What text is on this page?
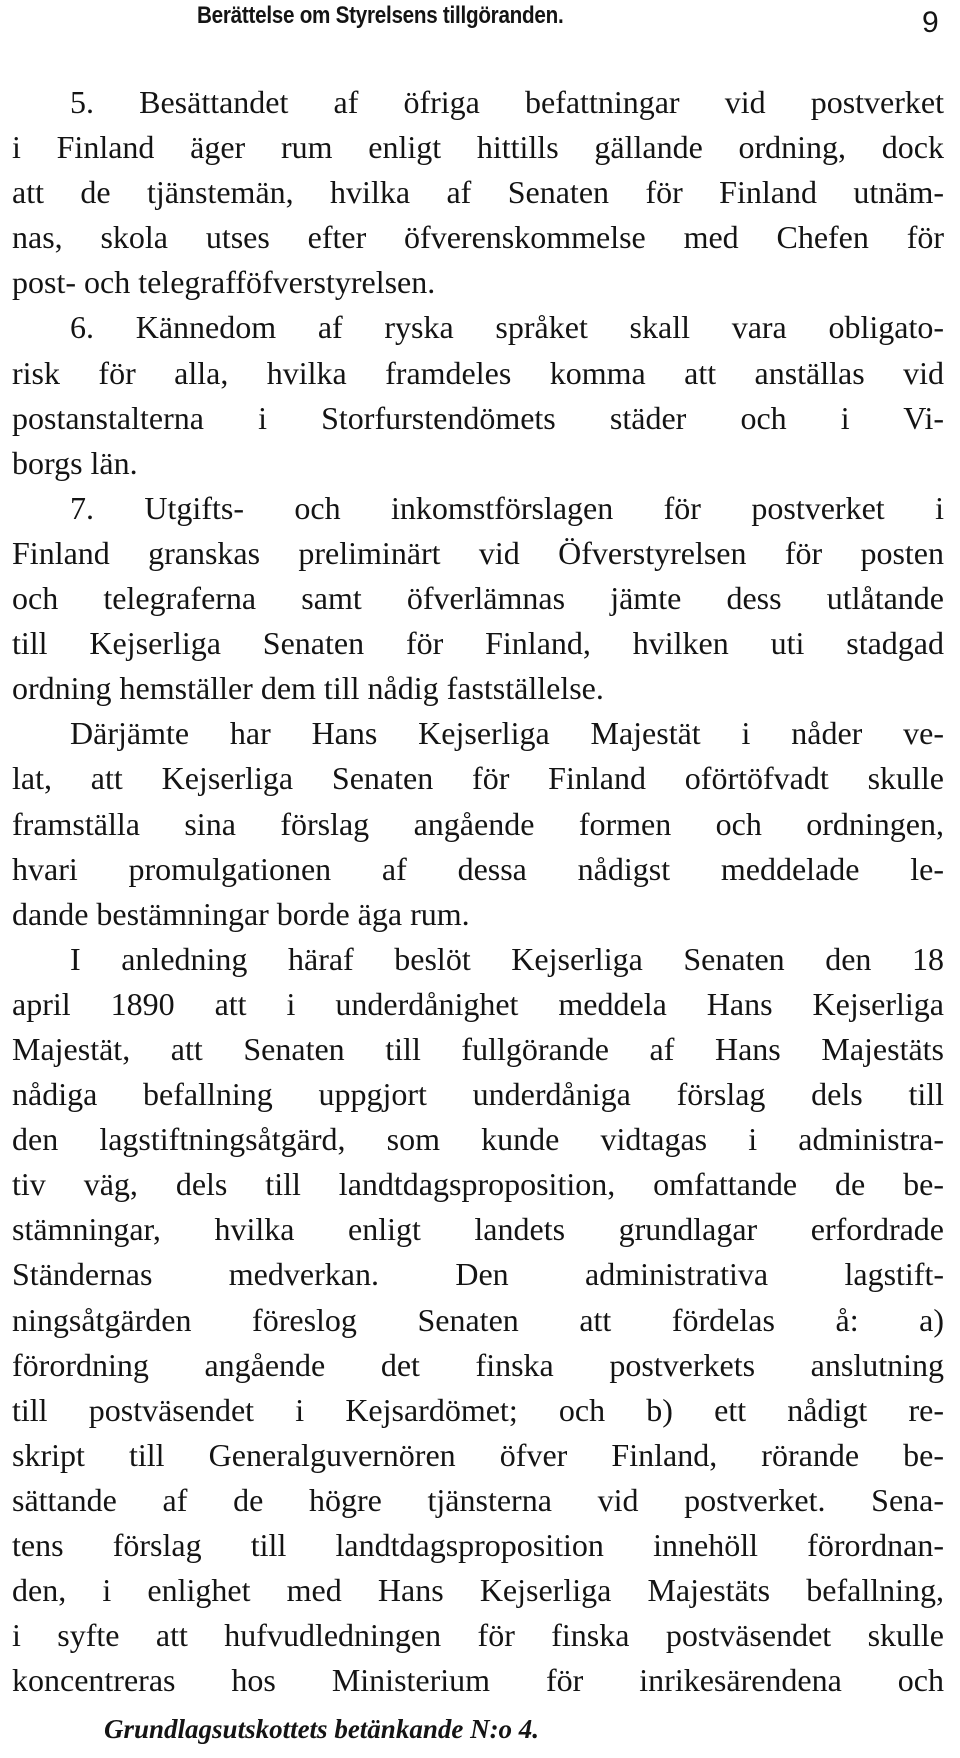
Berättelse om Styrelsens tillgöranden.	9
5. Besättandet af öfriga befattningar vid postverket
i Finland äger rum enligt hittills gällande ordning, dock
att de tjänstemän, hvilka af Senaten för Finland utnäm-
nas, skola utses efter öfverenskommelse med Chefen för
post- och telegrafföfverstyrelsen.
6. Kännedom af ryska språket skall vara obligato-
risk för alla, hvilka framdeles komma att anställas vid
postanstalterna i Storfurstendömets städer och i Vi-
borgs län.
7. Utgifts- och inkomstförslagen för postverket i
Finland granskas preliminärt vid Öfverstyrelsen för posten
och telegraferna samt öfverlämnas jämte dess utlåtande
till Kejserliga Senaten för Finland, hvilken uti stadgad
ordning hemställer dem till nådig fastställelse.
Därjämte har Hans Kejserliga Majestät i nåder ve-
lat, att Kejserliga Senaten för Finland oförtöfvadt skulle
framställa sina förslag angående formen och ordningen,
hvari promulgationen af dessa nådigst meddelade le-
dande bestämningar borde äga rum.
I anledning häraf beslöt Kejserliga Senaten den 18
april 1890 att i underdånighet meddela Hans Kejserliga
Majestät, att Senaten till fullgörande af Hans Majestäts
nådiga befallning uppgjort underdåniga förslag dels till
den lagstiftningsåtgärd, som kunde vidtagas i administra-
tiv väg, dels till landtdagsproposition, omfattande de be-
stämningar, hvilka enligt landets grundlagar erfordrade
Ständernas medverkan. Den administrativa lagstift-
ningsåtgärden föreslog Senaten att fördelas å: a)
förordning angående det finska postverkets anslutning
till postväsendet i Kejsardömet; och b) ett nådigt re-
skript till Generalguvernören öfver Finland, rörande be-
sättande af de högre tjänsterna vid postverket. Sena-
tens förslag till landtdagsproposition innehöll förordnan-
den, i enlighet med Hans Kejserliga Majestäts befallning,
i syfte att hufvudledningen för finska postväsendet skulle
koncentreras hos Ministerium för inrikesärendena och
Grundlagsutskottets betänkande N:o 4.
